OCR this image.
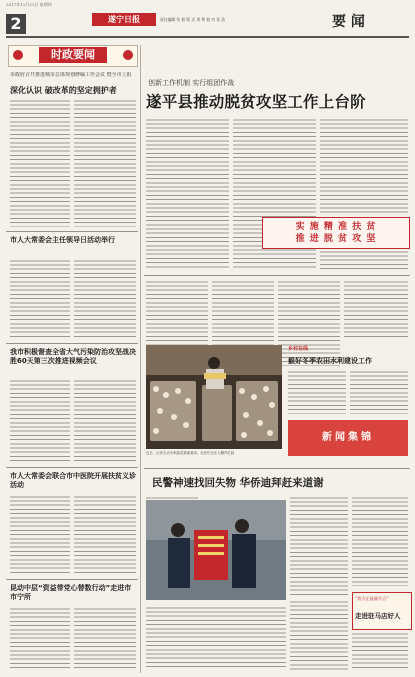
2017年12月21日 星期四
2	遂宁日报	责任编辑 张 毅 版 式 刘 利 校 对 张 浩	要 闻
时政要闻
市政府召开推进城市总体规划修编工作会议 暨全市上报
深化认识 破改革的坚定拥护者
市人大常委会主任领导日活动举行
我市积极督查全省大气污染防治攻坚战决胜60天第三次推进视频会议
市人大常委会联合市中医院开展扶贫义诊活动
昆动中层“资益带党心替数行动”走进市市宁所
创新工作机制 实行组团作战
遂平县推动脱贫攻坚工作上台阶
实 施 精 准 扶 贫
推 进 脱 贫 攻 坚
近日，记者走访多家蔬菜基地看到，农民们正在大棚内忙碌
乡村在线
毅好冬季农田水利建设工作
新闻集锦
民警神速找回失物 华侨迪拜赶来道谢
“我为正能量代言”
走进驻马店好人
